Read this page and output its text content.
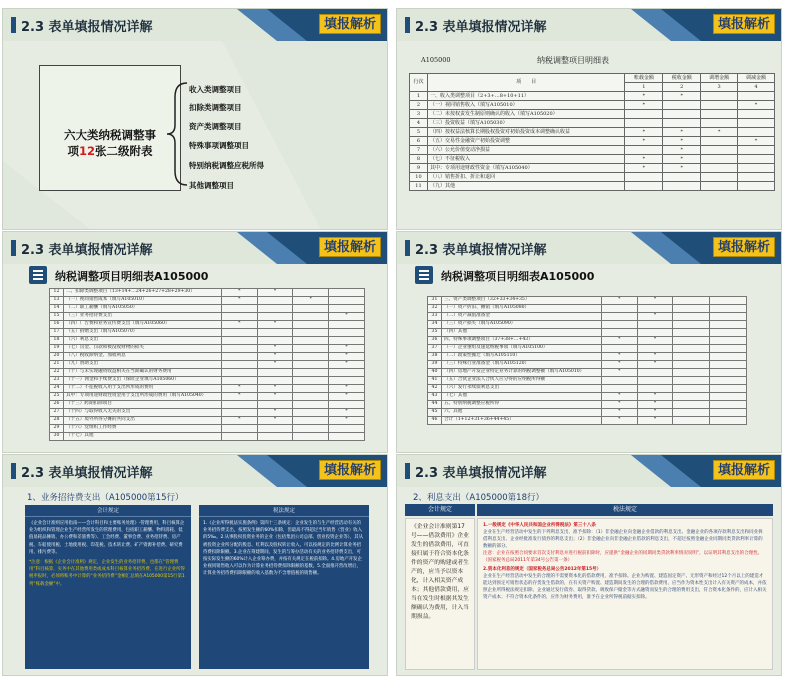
2.3 表单填报情况详解	填报解析
六大类纳税调整事
项12张二级附表
收入类调整项目
扣除类调整项目
资产类调整项目
特殊事项调整项目
特别纳税调整应税所得
其他调整项目
2.3 表单填报情况详解	填报解析
A105000	纳税调整项目明细表
行次	项　　目	账载金额	税收金额	调增金额	调减金额
		1	2	3	4
1	一、收入类调整项目（2+3+…8+10+11）	*	*		
2	（一）视同销售收入（填写A105010）	*			*
3	（二）未按权责发生制原则确认的收入（填写A105020）				
4	（三）投资收益（填写A105030）				
5	（四）按权益法核算长期股权投资对初始投资成本调整确认收益	*	*	*	
6	（五）交易性金融资产初始投资调整	*	*		*
7	（六）公允价值变动净损益		*		
8	（七）不征税收入	*	*		
9	其中：专项用途财政性资金（填写A105040）	*	*		
10	（八）销售折扣、折让和退回				
11	（九）其他				
2.3 表单填报情况详解	填报解析
纳税调整项目明细表A105000
12	二、扣除类调整项目（13+14+…24+26+27+28+29+30）	*	*		
13	（一）视同销售成本（填写A105010）	*		*	
14	（二）职工薪酬（填写A105050）				
15	（三）业务招待费支出				*
16	（四）广告费和业务宣传费支出（填写A105060）	*	*		
17	（五）捐赠支出（填写A105070）				
18	（六）利息支出				
19	（七）罚金、罚款和被没收财物的损失		*		*
20	（八）税收滞纳金、加收利息		*		*
21	（九）赞助支出		*		*
22	（十）与未实现融资收益相关在当期确认的财务费用				
23	（十一）佣金和手续费支出（保险企业填写A105060）				
24	（十二）不征税收入用于支出所形成的费用	*	*		*
25	其中：专项用途财政性资金用于支出所形成的费用（填写A105040）	*	*		*
26	（十三）跨期扣除项目				
27	（十四）与取得收入无关的支出		*		*
28	（十五）境外所得分摊的共同支出	*	*		*
29	（十六）党组织工作经费				
30	（十七）其他				
2.3 表单填报情况详解	填报解析
纳税调整项目明细表A105000
31	三、资产类调整项目（32+33+34+35）	*	*		
32	（一）资产折旧、摊销（填写A105080）				
33	（二）资产减值准备金		*		
34	（三）资产损失（填写A105090）				
35	（四）其他				
36	四、特殊事项调整项目（37+38+…+43）	*	*		
37	（一）企业重组及递延纳税事项（填写A105100）				
38	（二）政策性搬迁（填写A105110）	*	*		
39	（三）特殊行业准备金（填写A105120）	*	*		
40	（四）房地产开发企业特定业务计算的纳税调整额（填写A105010）	*			
41	（五）合伙企业法人合伙人应分得的应纳税所得额				
42	（六）发行永续债利息支出				
43	（七）其他	*	*		
44	五、特别纳税调整应税所得	*	*		
45	六、其他	*	*		
46	合计（1+12+31+36+44+45）	*	*		
2.3 表单填报情况详解	填报解析
1、业务招待费支出（A105000第15行）
会计规定
《企业会计准则应用指南——会计科目和主要账务处理》-管理费用，科目核算企业为组织和管理企业生产经营所发生的管理费用，包括职工薪酬、物料消耗、低值易耗品摊销、办公费和差旅费等）、工会经费、董事会费、业务招待费、房产税、车船使用税、土地使用税、印花税、技术转让费、矿产资源补偿费、研究费用、排污费等。
*注意：根据《企业会计准则》规定，企业发生的业务招待费，也都在“管理费用”科目核算，实务中在其他费用类或成本科目核算业务招待费，在进行企业所得税申报时，必须将账务中计算的“业务招待费”金额汇总填在A105000第15行第1列“账载金额”中。
税法规定
1.《企业所得税法实施条例》第四十三条规定：企业发生的与生产经营活动有关的业务招待费支出，按照发生额的60%扣除，但最高不得超过当年销售（营业）收入的5‰。2.从事股权投资业务的企业（包括集团公司总部、创业投资企业等），其从被投资企业所分配的股息、红利以及股权转让收入，可以按规定的比例计算业务招待费扣除限额。3.企业在筹建期间，发生的与筹办活动有关的业务招待费支出，可按实际发生额的60%计入企业筹办费，并按有关规定在税前扣除。4.房地产开发企业视同销售收入可以作为计算业务招待费扣除限额的基数。5.全面推开营改增后，计算业务招待费扣除限额的收入基数为不含增值税的销售额。
2.3 表单填报情况详解	填报解析
2、利息支出（A105000第18行）
会计规定	税法规定
《企业会计准则第17号——借款费用》企业发生的借款费用，可直接归属于符合资本化条件的资产的购建或者生产的，应当予以资本化，计入相关资产成本；其他借款费用，应当在发生时根据其发生额确认为费用，计入当期损益。
1.一般规定《中华人民共和国企业所得税法》第三十八条
企业在生产经营活动中发生的下列利息支出，准予扣除：（1）非金融企业向金融企业借款的利息支出、金融企业的各项存款利息支出和同业拆借利息支出、企业经批准发行债券的利息支出；（2）非金融企业向非金融企业借款的利息支出，不超过按照金融企业同期同类贷款利率计算的数额的部分。
注意：企业在按照合同要求首次支付利息并进行税前扣除时，应提供“金融企业的同期同类贷款利率情况说明”，以证明其利息支出的合理性。（国家税务总局2011年第34号公告第一条）
2.资本化利息的规定（国家税务总局公告2012年第15号）
企业在生产经营活动中发生的合理的不需要资本化的借款费用，准予扣除。企业为购置、建造固定资产、无形资产和经过12个月以上的建造才能达到预定可销售状态的存货发生借款的，在有关资产购置、建造期间发生的合理的借款费用，应当作为资本性支出计入有关资产的成本，并依照企业所得税法规定扣除。企业通过发行债券、取得贷款、吸收保户储金等方式融资而发生的合理的费用支出，符合资本化条件的，应计入相关资产成本；不符合资本化条件的，应作为财务费用，准予在企业所得税前据实扣除。
